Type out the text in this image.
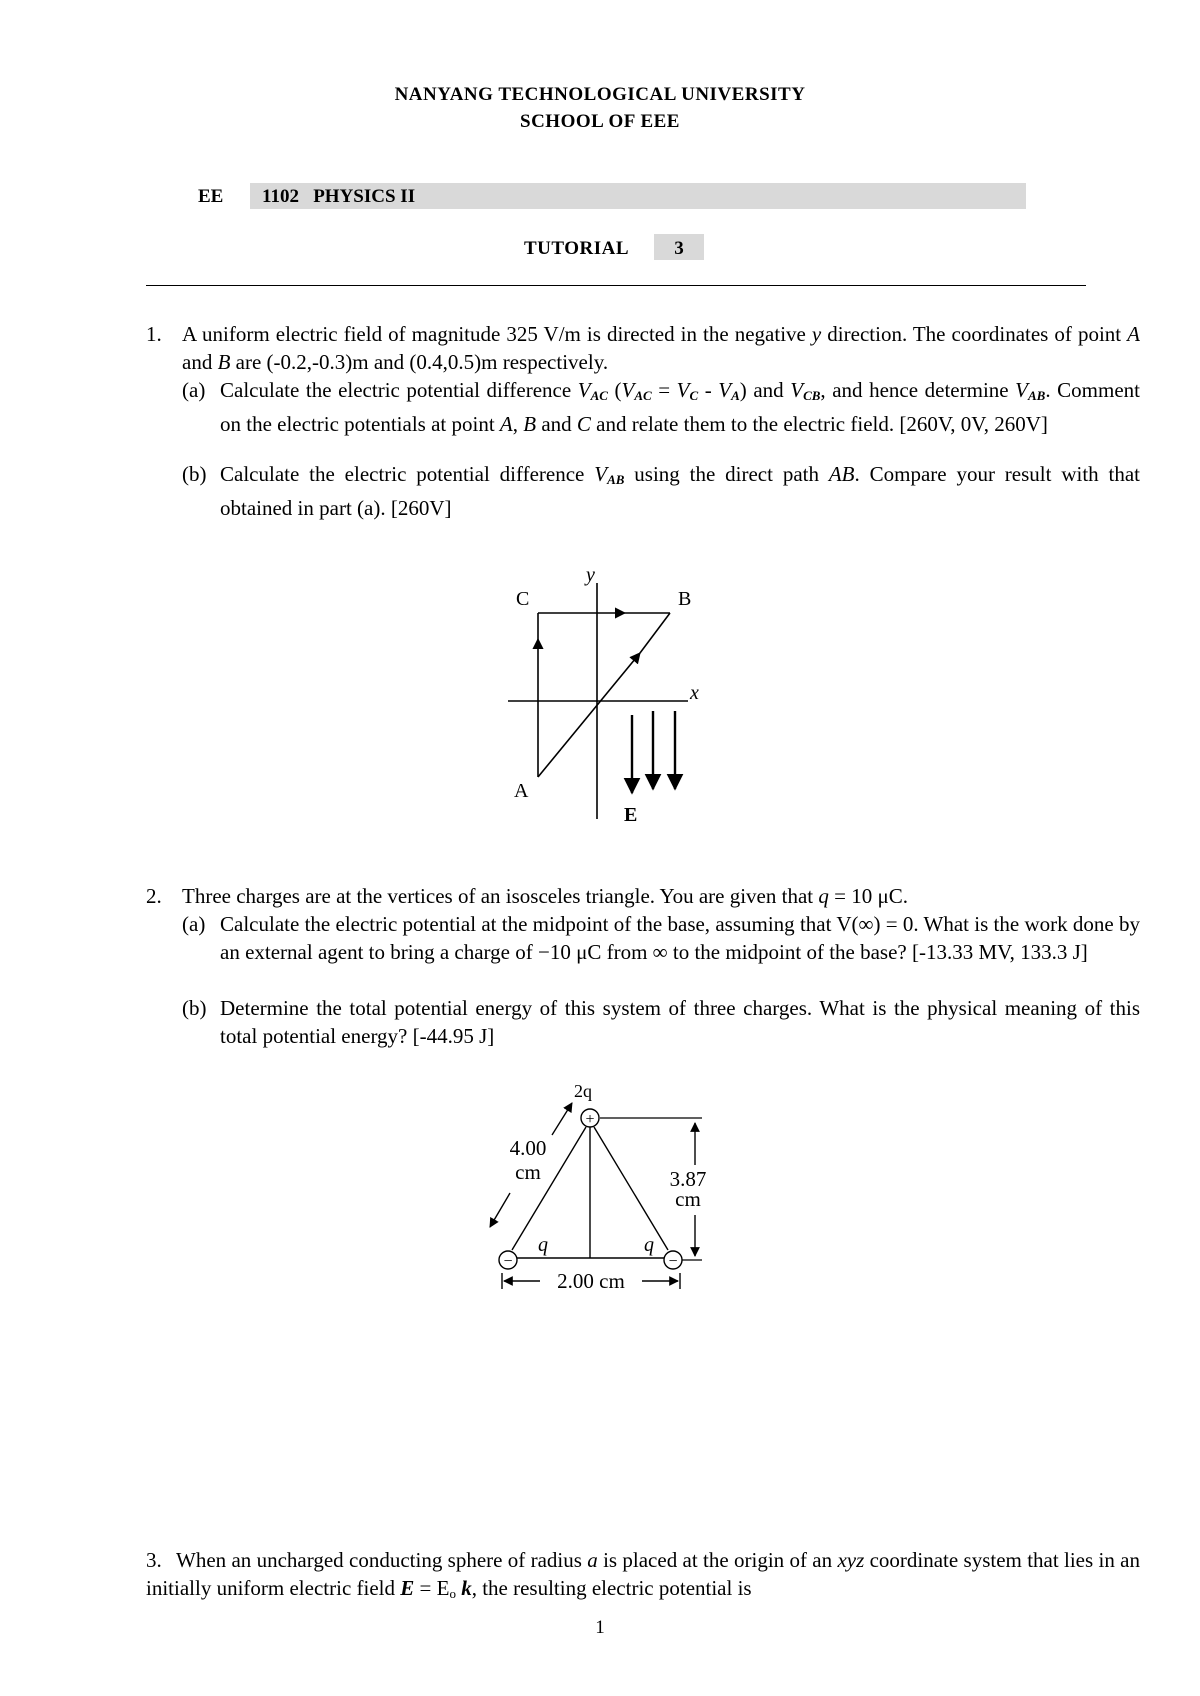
NANYANG TECHNOLOGICAL UNIVERSITY
SCHOOL OF EEE
EE 1102   PHYSICS II
TUTORIAL	3
1. A uniform electric field of magnitude 325 V/m is directed in the negative y direction. The coordinates of point A and B are (-0.2,-0.3)m and (0.4,0.5)m respectively.
(a) Calculate the electric potential difference $V_{AC}$ $(V_{AC} = V_C - V_A)$ and $V_{CB}$, and hence determine $V_{AB}$. Comment on the electric potentials at point A, B and C and relate them to the electric field. [260V, 0V, 260V]
(b) Calculate the electric potential difference $V_{AB}$ using the direct path AB. Compare your result with that obtained in part (a). [260V]
C	B
A
y
x
E
2. Three charges are at the vertices of an isosceles triangle. You are given that q = 10 μC.
(a) Calculate the electric potential at the midpoint of the base, assuming that V(∞) = 0. What is the work done by an external agent to bring a charge of −10 μC from ∞ to the midpoint of the base? [-13.33 MV, 133.3 J]
(b) Determine the total potential energy of this system of three charges. What is the physical meaning of this total potential energy? [-44.95 J]
+
−	−
2q
4.00
cm	3.87
cm
q	q
2.00 cm
3. When an uncharged conducting sphere of radius a is placed at the origin of an xyz coordinate system that lies in an initially uniform electric field $E = E_o$ k, the resulting electric potential is
1
